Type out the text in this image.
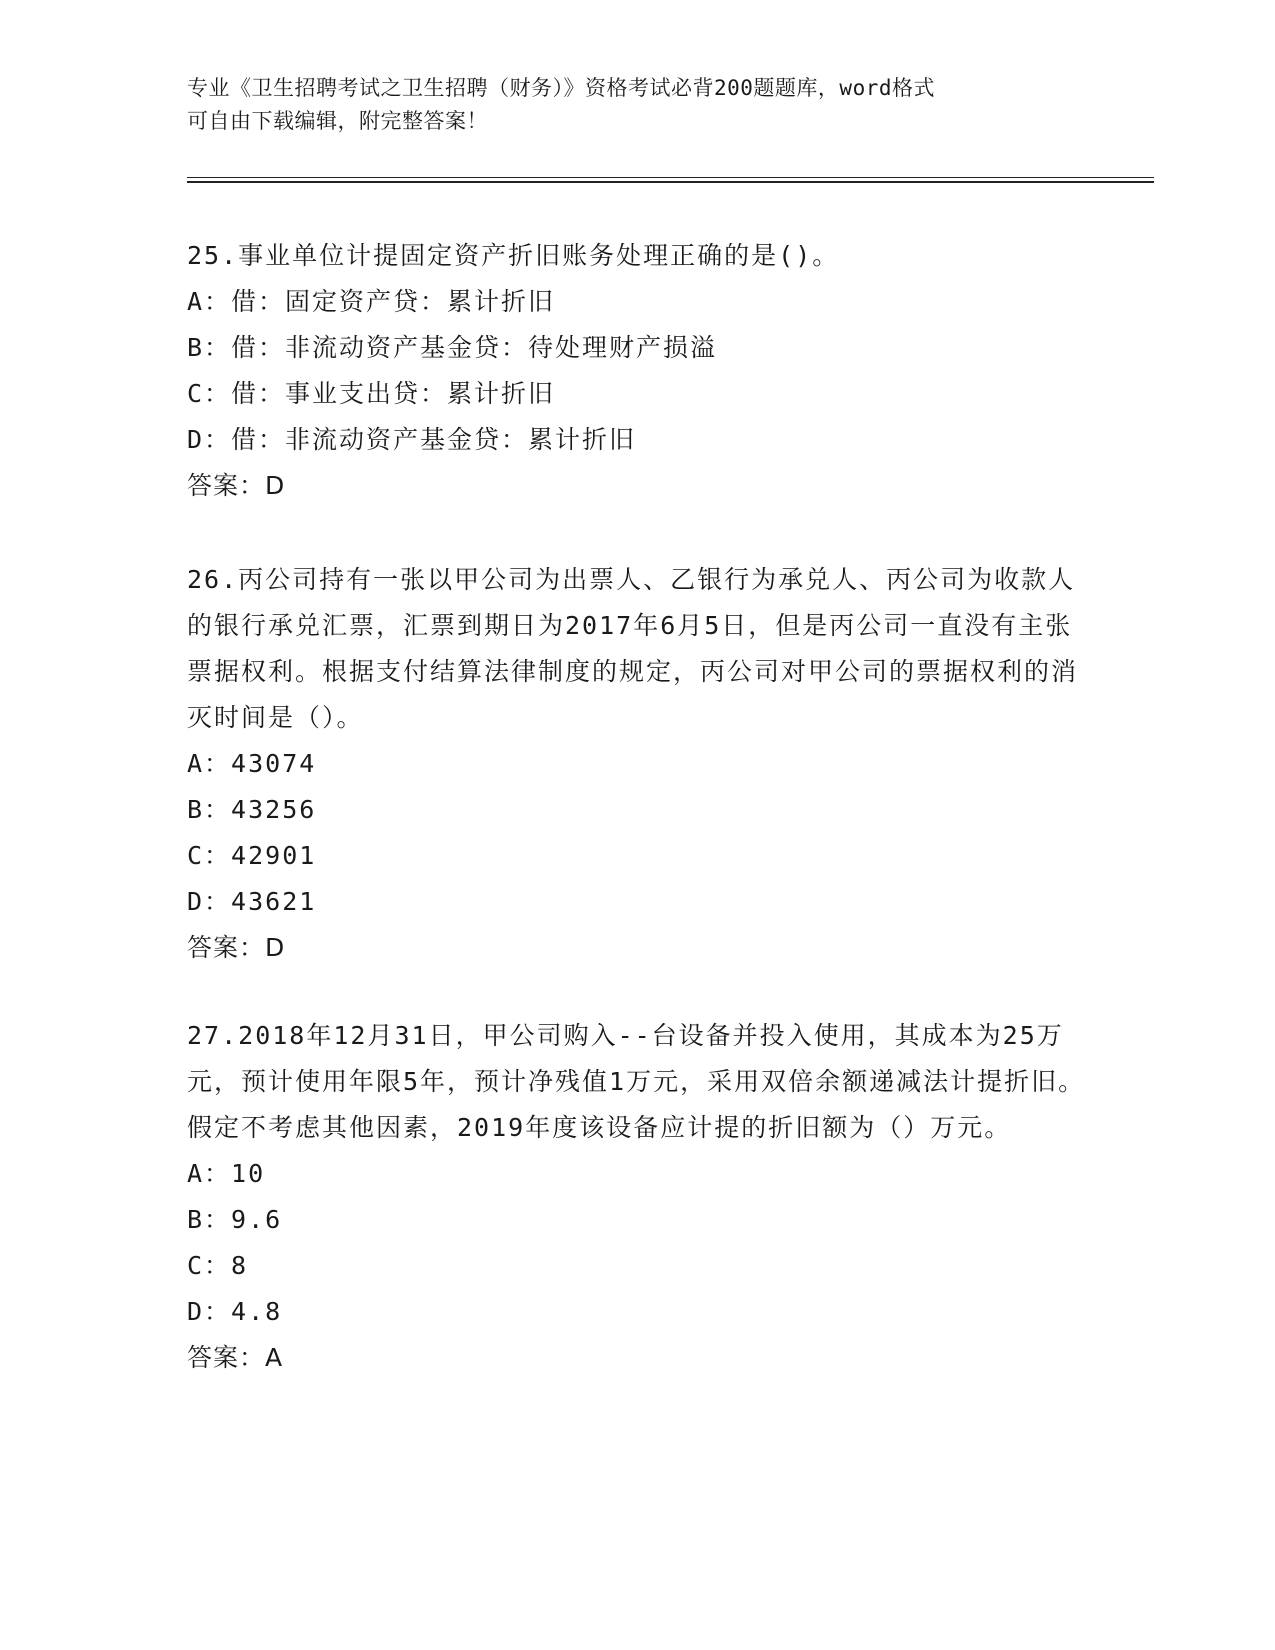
专业《卫生招聘考试之卫生招聘（财务）》资格考试必背200题题库，word格式
可自由下载编辑，附完整答案！
25.事业单位计提固定资产折旧账务处理正确的是()。
A：借：固定资产贷：累计折旧
B：借：非流动资产基金贷：待处理财产损溢
C：借：事业支出贷：累计折旧
D：借：非流动资产基金贷：累计折旧
答案：D
26.丙公司持有一张以甲公司为出票人、乙银行为承兑人、丙公司为收款人的银行承兑汇票，汇票到期日为2017年6月5日，但是丙公司一直没有主张票据权利。根据支付结算法律制度的规定，丙公司对甲公司的票据权利的消灭时间是（）。
A：43074
B：43256
C：42901
D：43621
答案：D
27.2018年12月31日，甲公司购入--台设备并投入使用，其成本为25万元，预计使用年限5年，预计净残值1万元，采用双倍余额递减法计提折旧。假定不考虑其他因素，2019年度该设备应计提的折旧额为（）万元。
A：10
B：9.6
C：8
D：4.8
答案：A
